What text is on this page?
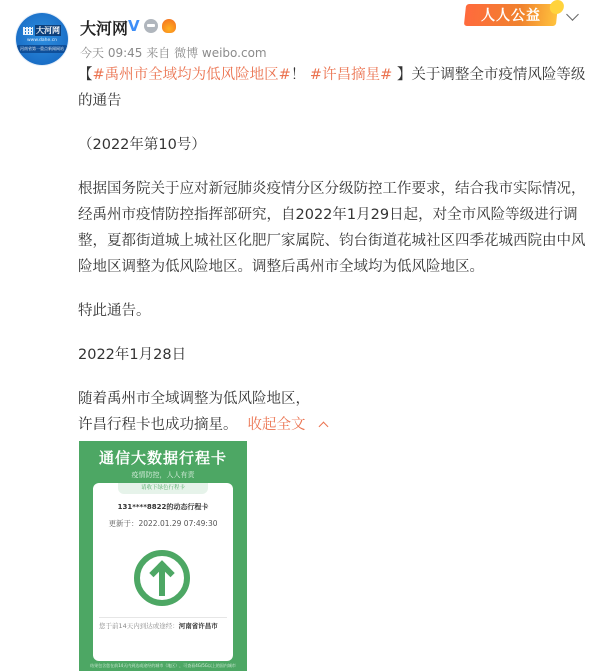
大河网
www.dahe.cn
河南省第一重点新闻网站
大河网 V
今天 09:45 来自 微博 weibo.com
人人公益

【#禹州市全域均为低风险地区#！ #许昌摘星# 】关于调整全市疫情风险等级的通告

（2022年第10号）

根据国务院关于应对新冠肺炎疫情分区分级防控工作要求，结合我市实际情况，经禹州市疫情防控指挥部研究，自2022年1月29日起，对全市风险等级进行调整，夏都街道城上城社区化肥厂家属院、钧台街道花城社区四季花城西院由中风险地区调整为低风险地区。调整后禹州市全域均为低风险地区。

特此通告。

2022年1月28日

随着禹州市全域调整为低风险地区，

许昌行程卡也成功摘星。 收起全文

通信大数据行程卡
疫情防控，人人有责
请收下绿色行程卡
131****8822的动态行程卡
更新于：2022.01.29 07:49:30
您于前14天内到达或途经：河南省许昌市
结果包含您在前14天内到达或途经的城市（地区），可查看4G/5G以上的国内城市
